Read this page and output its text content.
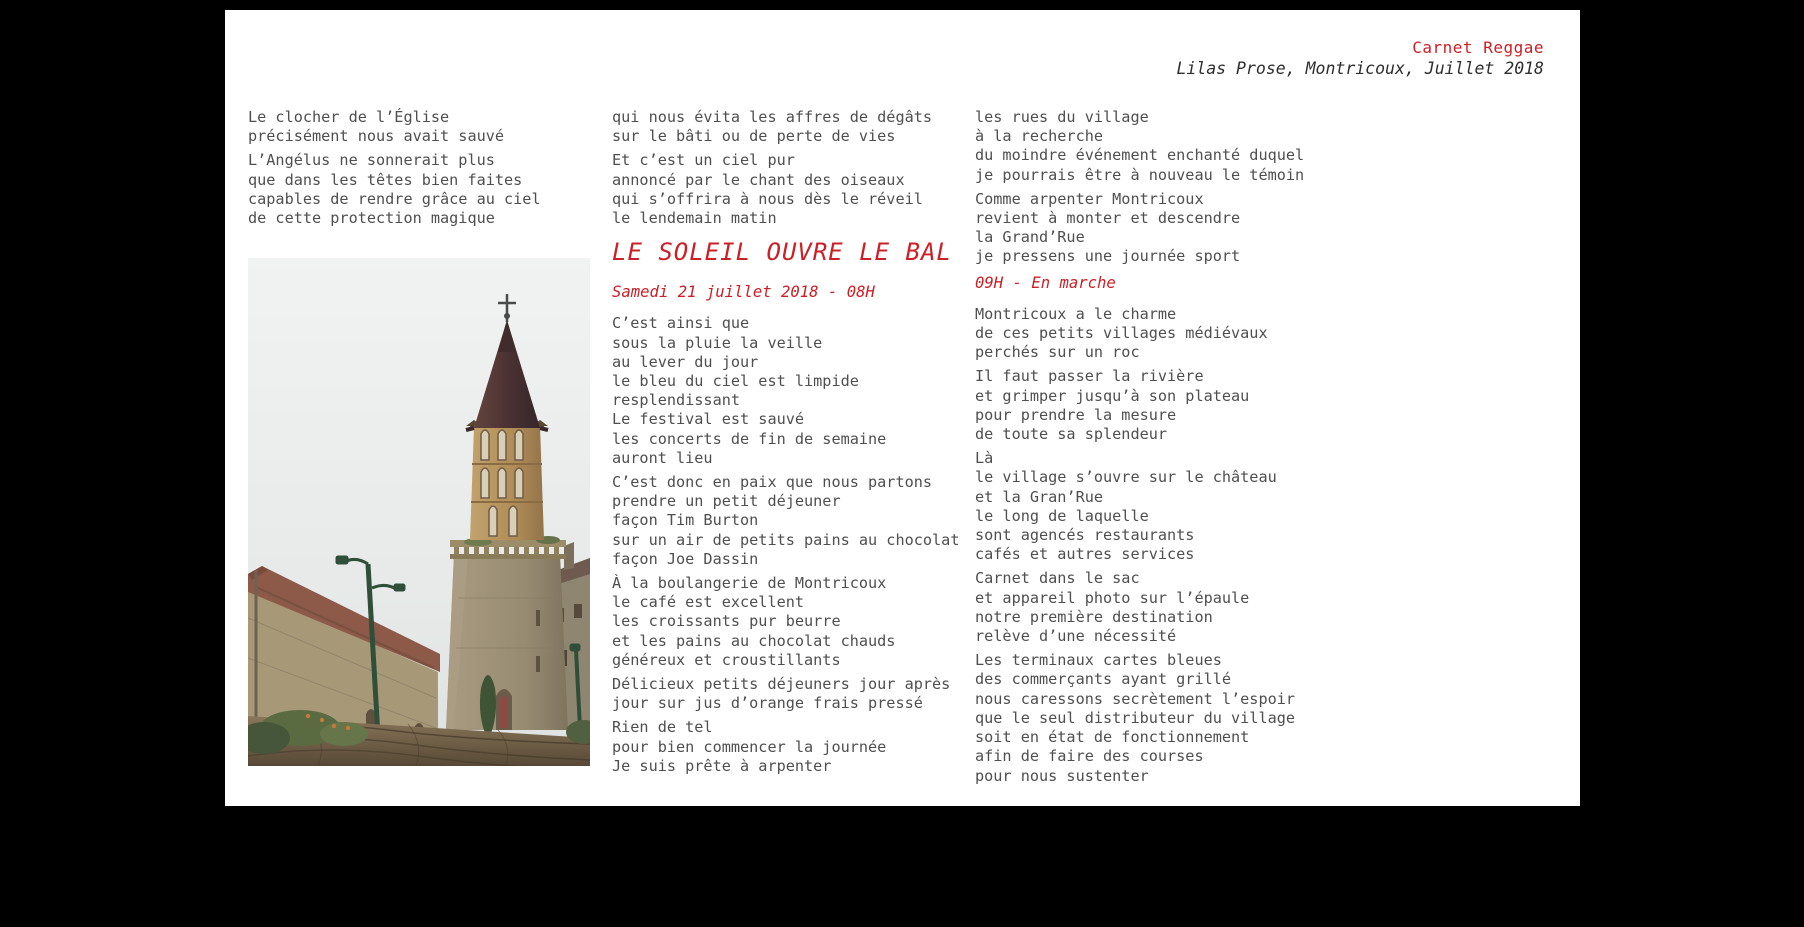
Carnet Reggae
Lilas Prose, Montricoux, Juillet 2018
Le clocher de l’Église
précisément nous avait sauvé
L’Angélus ne sonnerait plus
que dans les têtes bien faites
capables de rendre grâce au ciel
de cette protection magique
qui nous évita les affres de dégâts
sur le bâti ou de perte de vies
Et c’est un ciel pur
annoncé par le chant des oiseaux
qui s’offrira à nous dès le réveil
le lendemain matin
LE SOLEIL OUVRE LE BAL
Samedi 21 juillet 2018 - 08H
C’est ainsi que
sous la pluie la veille
au lever du jour
le bleu du ciel est limpide
resplendissant
Le festival est sauvé
les concerts de fin de semaine
auront lieu
C’est donc en paix que nous partons
prendre un petit déjeuner
façon Tim Burton
sur un air de petits pains au chocolat
façon Joe Dassin
À la boulangerie de Montricoux
le café est excellent
les croissants pur beurre
et les pains au chocolat chauds
généreux et croustillants
Délicieux petits déjeuners jour après
jour sur jus d’orange frais pressé
Rien de tel
pour bien commencer la journée
Je suis prête à arpenter
les rues du village
à la recherche
du moindre événement enchanté duquel
je pourrais être à nouveau le témoin
Comme arpenter Montricoux
revient à monter et descendre
la Grand’Rue
je pressens une journée sport
09H - En marche
Montricoux a le charme
de ces petits villages médiévaux
perchés sur un roc
Il faut passer la rivière
et grimper jusqu’à son plateau
pour prendre la mesure
de toute sa splendeur
Là
le village s’ouvre sur le château
et la Gran’Rue
le long de laquelle
sont agencés restaurants
cafés et autres services
Carnet dans le sac
et appareil photo sur l’épaule
notre première destination
relève d’une nécessité
Les terminaux cartes bleues
des commerçants ayant grillé
nous caressons secrètement l’espoir
que le seul distributeur du village
soit en état de fonctionnement
afin de faire des courses
pour nous sustenter
